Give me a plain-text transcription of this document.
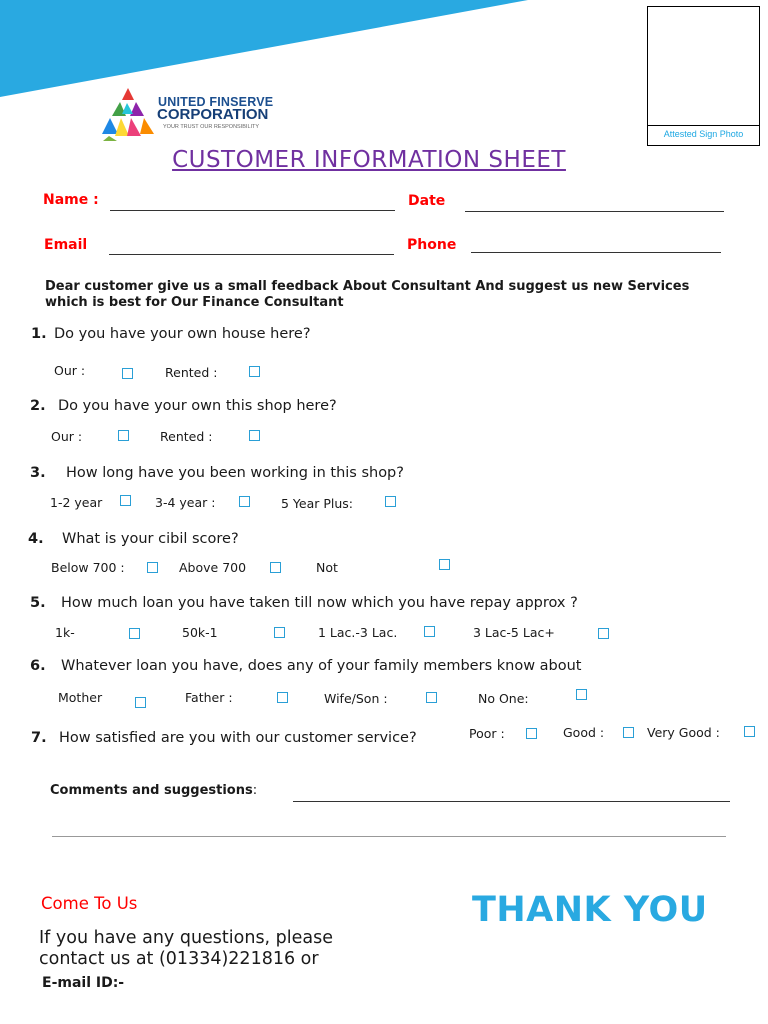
Attested Sign Photo
UNITED FINSERVE
CORPORATION
YOUR TRUST OUR RESPONSIBILITY
CUSTOMER INFORMATION SHEET
Name :	Date
Email	Phone
Dear customer give us a small feedback About Consultant And suggest us new Services which is best for Our Finance Consultant
1. Do you have your own house here?
Our :	Rented :
2. Do you have your own this shop here?
Our :	Rented :
3. How long have you been working in this shop?
1-2 year	3-4 year :	5 Year Plus:
4. What is your cibil score?
Below 700 :	Above 700	Not
5. How much loan you have taken till now which you have repay approx ?
1k-	50k-1	1 Lac.-3 Lac.	3 Lac-5 Lac+
6. Whatever loan you have, does any of your family members know about
Mother	Father :	Wife/Son :	No One:
7. How satisfied are you with our customer service?	Poor :	Good :	Very Good :
Comments and suggestions:
Come To Us	THANK YOU
If you have any questions, please contact us at (01334)221816 or
E-mail ID:-
